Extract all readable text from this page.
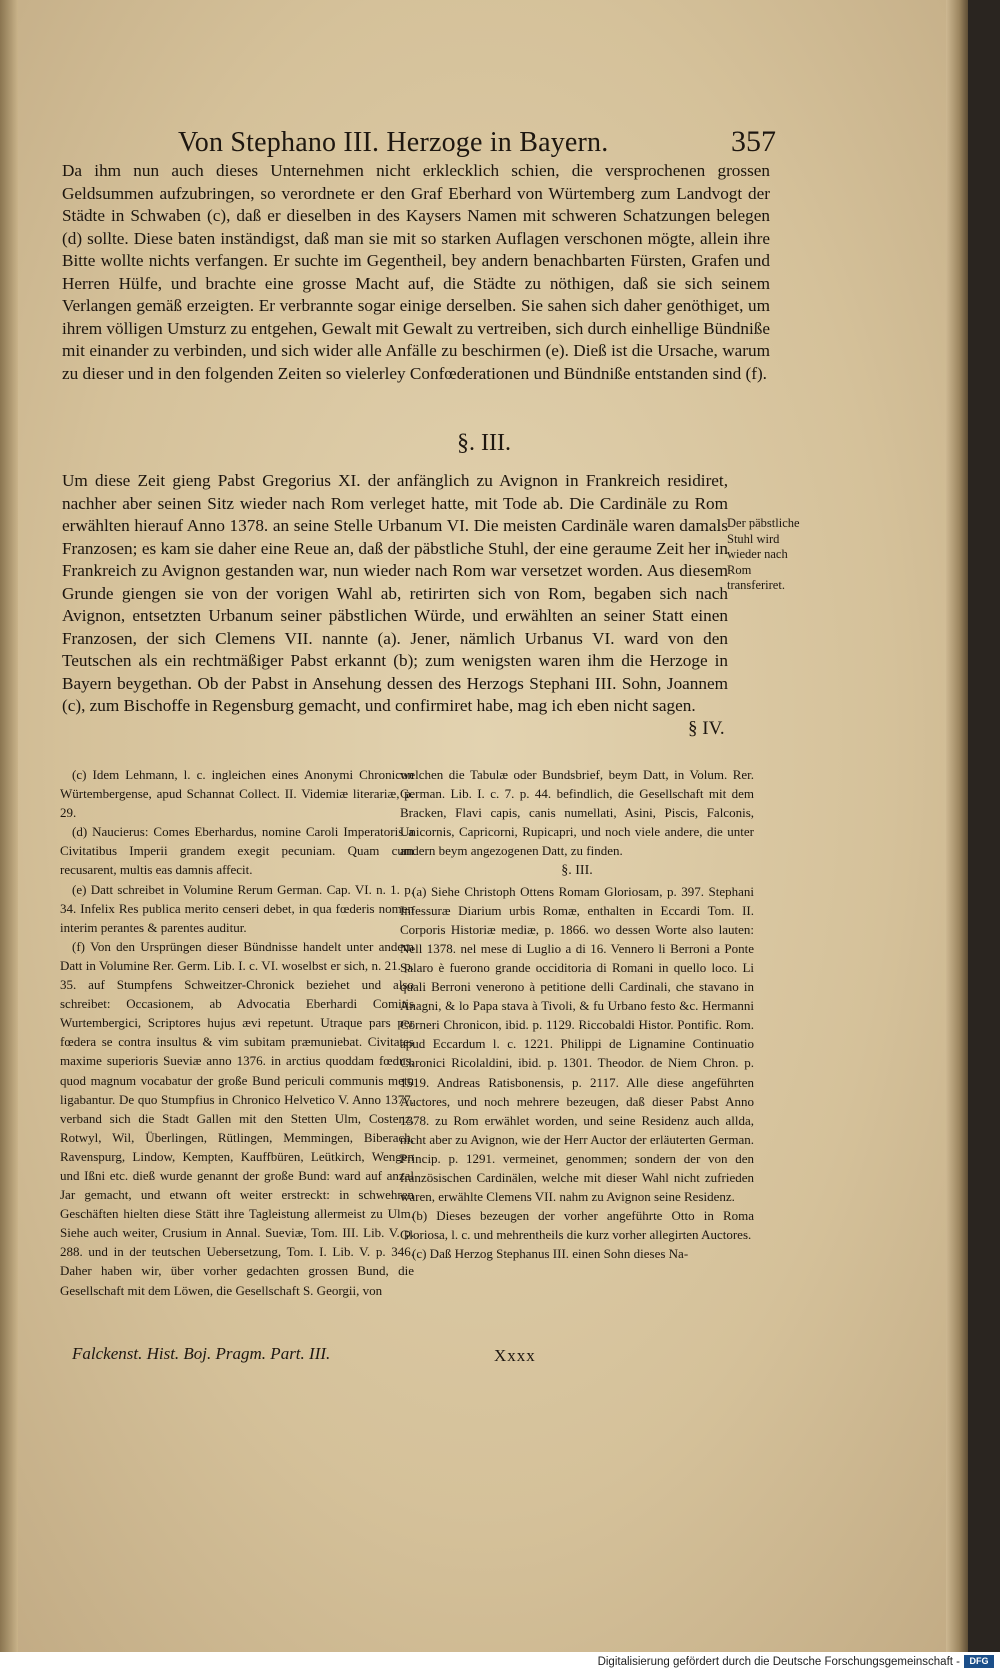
Von Stephano III. Herzoge in Bayern.	357

Da ihm nun auch dieses Unternehmen nicht erklecklich schien, die versprochenen grossen Geldsummen aufzubringen, so verordnete er den Graf Eberhard von Würtemberg zum Landvogt der Städte in Schwaben (c), daß er dieselben in des Kaysers Namen mit schweren Schatzungen belegen (d) sollte. Diese baten inständigst, daß man sie mit so starken Auflagen verschonen mögte, allein ihre Bitte wollte nichts verfangen. Er suchte im Gegentheil, bey andern benachbarten Fürsten, Grafen und Herren Hülfe, und brachte eine grosse Macht auf, die Städte zu nöthigen, daß sie sich seinem Verlangen gemäß erzeigten. Er verbrannte sogar einige derselben. Sie sahen sich daher genöthiget, um ihrem völligen Umsturz zu entgehen, Gewalt mit Gewalt zu vertreiben, sich durch einhellige Bündniße mit einander zu verbinden, und sich wider alle Anfälle zu beschirmen (e). Dieß ist die Ursache, warum zu dieser und in den folgenden Zeiten so vielerley Confœderationen und Bündniße entstanden sind (f).

§. III.

Um diese Zeit gieng Pabst Gregorius XI. der anfänglich zu Avignon in Frankreich residiret, nachher aber seinen Sitz wieder nach Rom verleget hatte, mit Tode ab. Die Cardinäle zu Rom erwählten hierauf Anno 1378. an seine Stelle Urbanum VI. Die meisten Cardinäle waren damals Franzosen; es kam sie daher eine Reue an, daß der päbstliche Stuhl, der eine geraume Zeit her in Frankreich zu Avignon gestanden war, nun wieder nach Rom war versetzet worden. Aus diesem Grunde giengen sie von der vorigen Wahl ab, retirirten sich von Rom, begaben sich nach Avignon, entsetzten Urbanum seiner päbstlichen Würde, und erwählten an seiner Statt einen Franzosen, der sich Clemens VII. nannte (a). Jener, nämlich Urbanus VI. ward von den Teutschen als ein rechtmäßiger Pabst erkannt (b); zum wenigsten waren ihm die Herzoge in Bayern beygethan. Ob der Pabst in Ansehung dessen des Herzogs Stephani III. Sohn, Joannem (c), zum Bischoffe in Regensburg gemacht, und confirmiret habe, mag ich eben nicht sagen.

Der päbstliche Stuhl wird wieder nach Rom transferiret.
§ IV.

(c) Idem Lehmann, l. c. ingleichen eines Anonymi Chronicon Würtembergense, apud Schannat Collect. II. Videmiæ literariæ, p. 29.

(d) Naucierus: Comes Eberhardus, nomine Caroli Imperatoris a Civitatibus Imperii grandem exegit pecuniam. Quam cum recusarent, multis eas damnis affecit.

(e) Datt schreibet in Volumine Rerum German. Cap. VI. n. 1. p. 34. Infelix Res publica merito censeri debet, in qua fœderis nomen interim perantes & parentes auditur.

(f) Von den Ursprüngen dieser Bündnisse handelt unter andern Datt in Volumine Rer. Germ. Lib. I. c. VI. woselbst er sich, n. 21. p. 35. auf Stumpfens Schweitzer-Chronick beziehet und also schreibet: Occasionem, ab Advocatia Eberhardi Comitis Wurtembergici, Scriptores hujus ævi repetunt. Utraque pars per fœdera se contra insultus & vim subitam præmuniebat. Civitates maxime superioris Sueviæ anno 1376. in arctius quoddam fœdus, quod magnum vocabatur der große Bund periculi communis metu ligabantur. De quo Stumpfius in Chronico Helvetico V. Anno 1377. verband sich die Stadt Gallen mit den Stetten Ulm, Costenz, Rotwyl, Wil, Überlingen, Rütlingen, Memmingen, Biberach, Ravenspurg, Lindow, Kempten, Kauffbüren, Leütkirch, Wengen und Ißni etc. dieß wurde genannt der große Bund: ward auf anzal Jar gemacht, und etwann oft weiter erstreckt: in schwehren Geschäften hielten diese Stätt ihre Tagleistung allermeist zu Ulm. Siehe auch weiter, Crusium in Annal. Sueviæ, Tom. III. Lib. V. p. 288. und in der teutschen Uebersetzung, Tom. I. Lib. V. p. 346. Daher haben wir, über vorher gedachten grossen Bund, die Gesellschaft mit dem Löwen, die Gesellschaft S. Georgii, von

welchen die Tabulæ oder Bundsbrief, beym Datt, in Volum. Rer. German. Lib. I. c. 7. p. 44. befindlich, die Gesellschaft mit dem Bracken, Flavi capis, canis numellati, Asini, Piscis, Falconis, Unicornis, Capricorni, Rupicapri, und noch viele andere, die unter andern beym angezogenen Datt, zu finden.

§. III.

(a) Siehe Christoph Ottens Romam Gloriosam, p. 397. Stephani Infessuræ Diarium urbis Romæ, enthalten in Eccardi Tom. II. Corporis Historiæ mediæ, p. 1866. wo dessen Worte also lauten: Nell 1378. nel mese di Luglio a di 16. Vennero li Berroni a Ponte Salaro è fuerono grande occiditoria di Romani in quello loco. Li quali Berroni venerono à petitione delli Cardinali, che stavano in Anagni, & lo Papa stava à Tivoli, & fu Urbano festo &c. Hermanni Corneri Chronicon, ibid. p. 1129. Riccobaldi Histor. Pontific. Rom. apud Eccardum l. c. 1221. Philippi de Lignamine Continuatio Chronici Ricolaldini, ibid. p. 1301. Theodor. de Niem Chron. p. 1519. Andreas Ratisbonensis, p. 2117. Alle diese angeführten Auctores, und noch mehrere bezeugen, daß dieser Pabst Anno 1378. zu Rom erwählet worden, und seine Residenz auch allda, nicht aber zu Avignon, wie der Herr Auctor der erläuterten German. Princip. p. 1291. vermeinet, genommen; sondern der von den französischen Cardinälen, welche mit dieser Wahl nicht zufrieden waren, erwählte Clemens VII. nahm zu Avignon seine Residenz.

(b) Dieses bezeugen der vorher angeführte Otto in Roma Gloriosa, l. c. und mehrentheils die kurz vorher allegirten Auctores.

(c) Daß Herzog Stephanus III. einen Sohn dieses Na-

Falckenst. Hist. Boj. Pragm. Part. III.	Xxxx
Digitalisierung gefördert durch die Deutsche Forschungsgemeinschaft -	DFG
